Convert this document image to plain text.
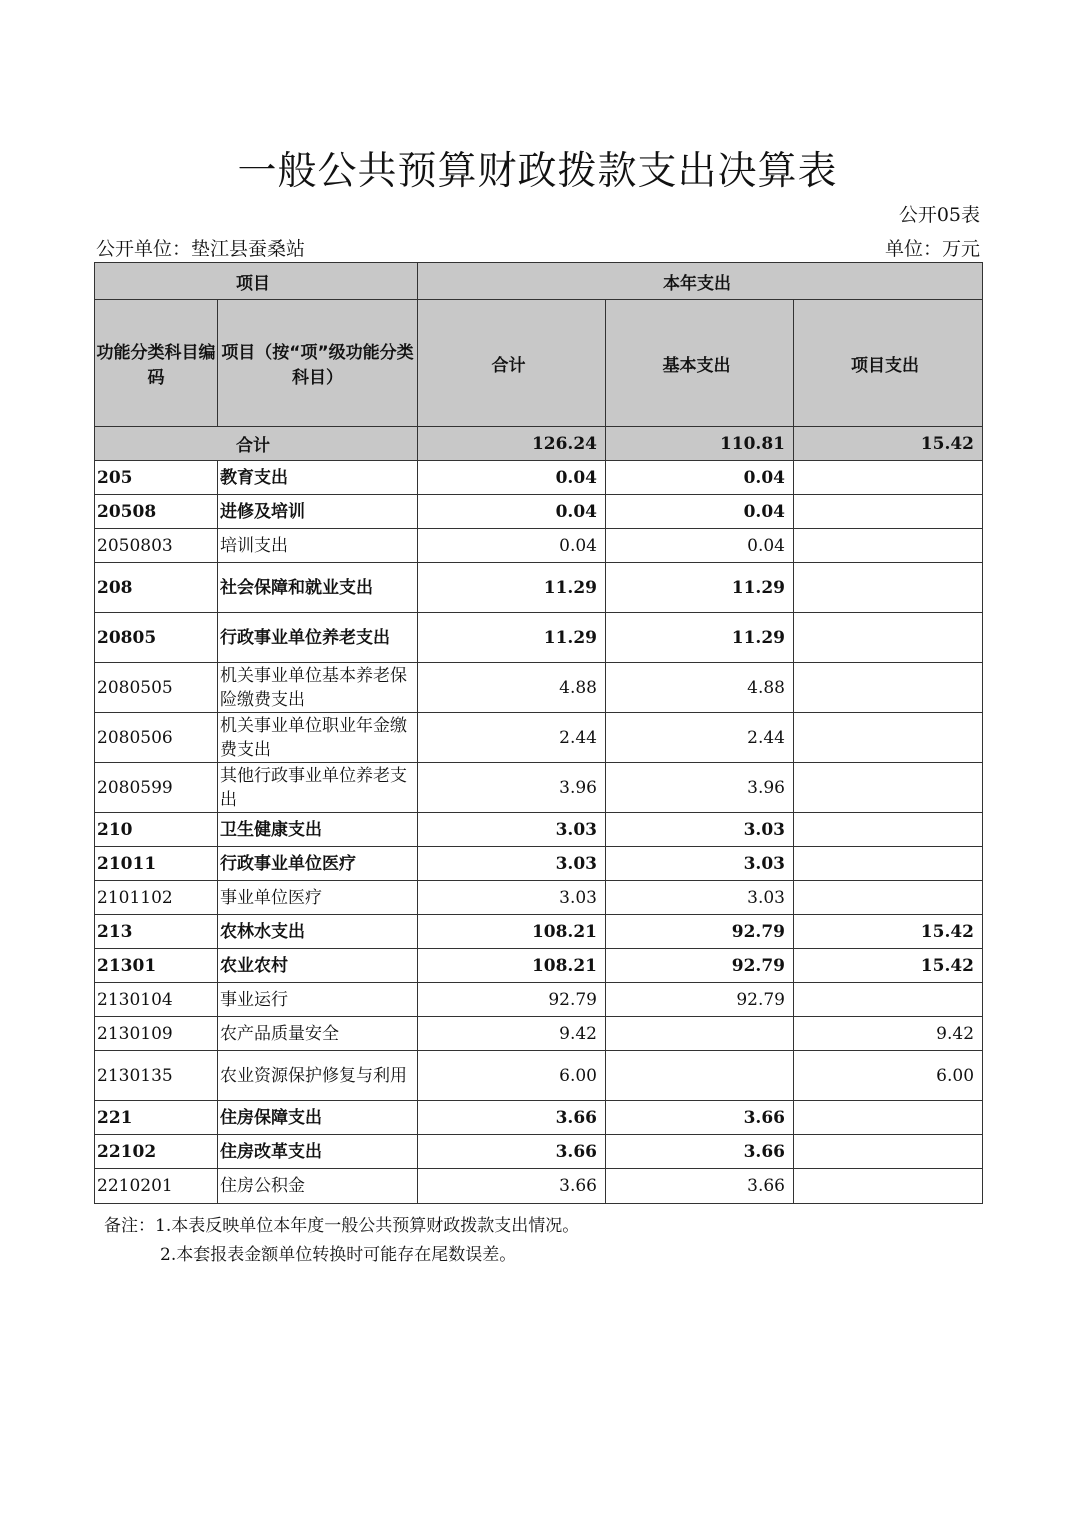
一般公共预算财政拨款支出决算表
公开05表
公开单位：垫江县蚕桑站	单位：万元
项目		本年支出		
功能分类科目编码	项目（按“项”级功能分类科目）	合计	基本支出	项目支出
合计		126.24	110.81	15.42
205	教育支出	0.04	0.04	
20508	进修及培训	0.04	0.04	
2050803	培训支出	0.04	0.04	
208	社会保障和就业支出	11.29	11.29	
20805	行政事业单位养老支出	11.29	11.29	
2080505	机关事业单位基本养老保险缴费支出	4.88	4.88	
2080506	机关事业单位职业年金缴费支出	2.44	2.44	
2080599	其他行政事业单位养老支出	3.96	3.96	
210	卫生健康支出	3.03	3.03	
21011	行政事业单位医疗	3.03	3.03	
2101102	事业单位医疗	3.03	3.03	
213	农林水支出	108.21	92.79	15.42
21301	农业农村	108.21	92.79	15.42
2130104	事业运行	92.79	92.79	
2130109	农产品质量安全	9.42		9.42
2130135	农业资源保护修复与利用	6.00		6.00
221	住房保障支出	3.66	3.66	
22102	住房改革支出	3.66	3.66	
2210201	住房公积金	3.66	3.66	
备注：1.本表反映单位本年度一般公共预算财政拨款支出情况。
2.本套报表金额单位转换时可能存在尾数误差。
